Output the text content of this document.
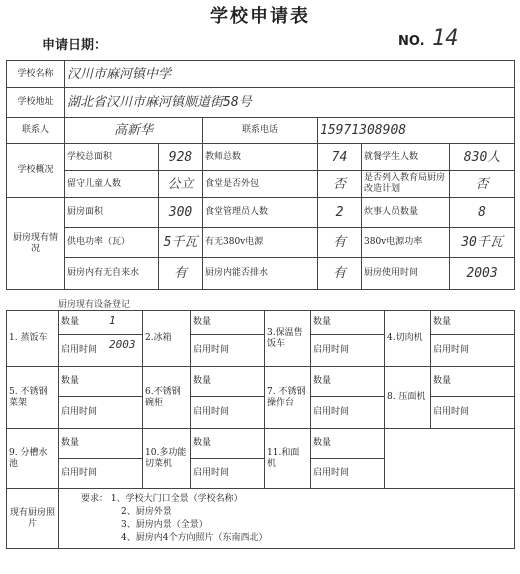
学校申请表
申请日期：	NO. 14
学校名称	汉川市麻河镇中学					
学校地址	湖北省汉川市麻河镇顺道街58号					
联系人	高新华		联系电话	15971308908		
学校概况	学校总面积	928	教师总数	74	就餐学生人数	830人
	留守儿童人数	公立	食堂是否外包	否	是否列入教育局厨房改造计划	否
厨房现有情况	厨房面积	300	食堂管理员人数	2	炊事人员数量	8
	供电功率（瓦）	5千瓦	有无380v电源	有	380v电源功率	30千瓦
	厨房内有无自来水	有	厨房内能否排水	有	厨房使用时间	2003
厨房现有设备登记
1. 蒸饭车	数量 1	2.冰箱	数量	3.保温售饭车	数量	4.切肉机	数量

	启用时间 2003		启用时间		启用时间		启用时间

5. 不锈钢菜架	数量	6.不锈钢碗柜	数量	7. 不锈钢操作台	数量	8. 压面机	数量

	启用时间		启用时间		启用时间		启用时间

9. 分槽水池	数量	10.多功能切菜机	数量	11.和面机	数量	

	启用时间		启用时间		启用时间		

现有厨房照片	要求： 1、学校大门口全景（学校名称）
2、厨房外景
3、厨房内景（全景）
4、厨房内4个方向照片（东南西北）						
